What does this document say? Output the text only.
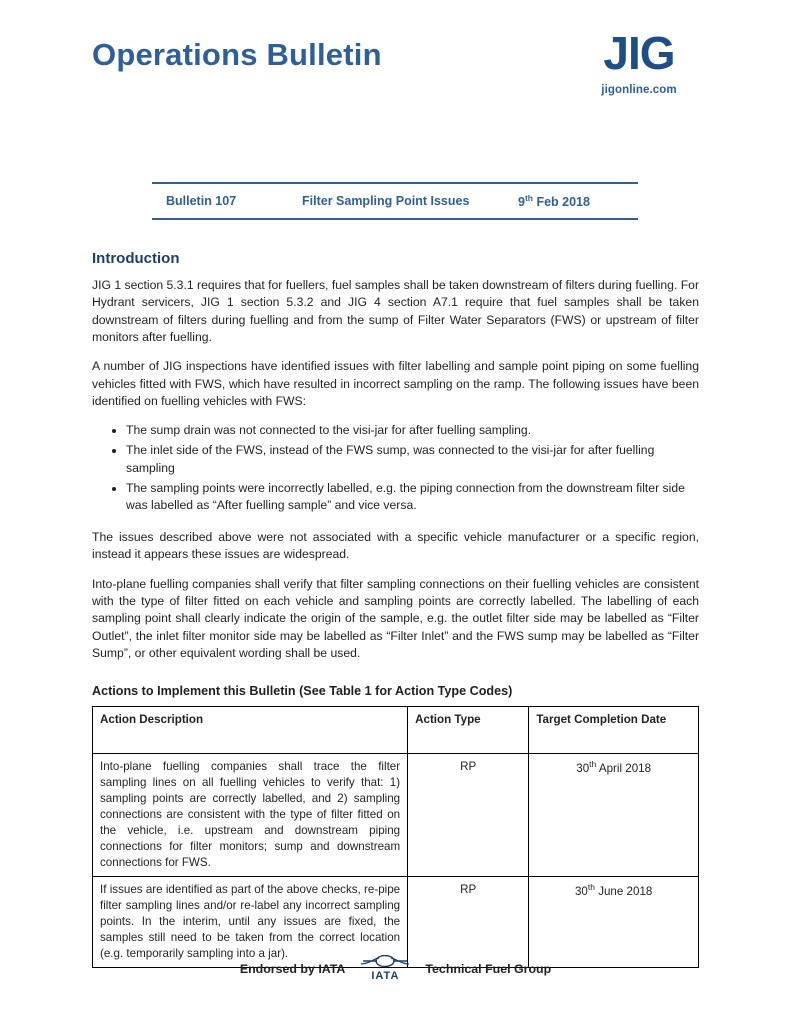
Operations Bulletin	JIG
jigonline.com
Bulletin 107	Filter Sampling Point Issues	9th Feb 2018
Introduction

JIG 1 section 5.3.1 requires that for fuellers, fuel samples shall be taken downstream of filters during fuelling. For Hydrant servicers, JIG 1 section 5.3.2 and JIG 4 section A7.1 require that fuel samples shall be taken downstream of filters during fuelling and from the sump of Filter Water Separators (FWS) or upstream of filter monitors after fuelling.

A number of JIG inspections have identified issues with filter labelling and sample point piping on some fuelling vehicles fitted with FWS, which have resulted in incorrect sampling on the ramp. The following issues have been identified on fuelling vehicles with FWS:

• The sump drain was not connected to the visi-jar for after fuelling sampling.
• The inlet side of the FWS, instead of the FWS sump, was connected to the visi-jar for after fuelling sampling
• The sampling points were incorrectly labelled, e.g. the piping connection from the downstream filter side was labelled as “After fuelling sample” and vice versa.

The issues described above were not associated with a specific vehicle manufacturer or a specific region, instead it appears these issues are widespread.

Into-plane fuelling companies shall verify that filter sampling connections on their fuelling vehicles are consistent with the type of filter fitted on each vehicle and sampling points are correctly labelled. The labelling of each sampling point shall clearly indicate the origin of the sample, e.g. the outlet filter side may be labelled as “Filter Outlet”, the inlet filter monitor side may be labelled as “Filter Inlet” and the FWS sump may be labelled as “Filter Sump”, or other equivalent wording shall be used.

Actions to Implement this Bulletin (See Table 1 for Action Type Codes)
Action Description	Action Type	Target Completion Date
Into-plane fuelling companies shall trace the filter sampling lines on all fuelling vehicles to verify that: 1) sampling points are correctly labelled, and 2) sampling connections are consistent with the type of filter fitted on the vehicle, i.e. upstream and downstream piping connections for filter monitors; sump and downstream connections for FWS.	RP	30th April 2018
If issues are identified as part of the above checks, re-pipe filter sampling lines and/or re-label any incorrect sampling points. In the interim, until any issues are fixed, the samples still need to be taken from the correct location (e.g. temporarily sampling into a jar).	RP	30th June 2018
Endorsed by IATA
IATA
Technical Fuel Group
